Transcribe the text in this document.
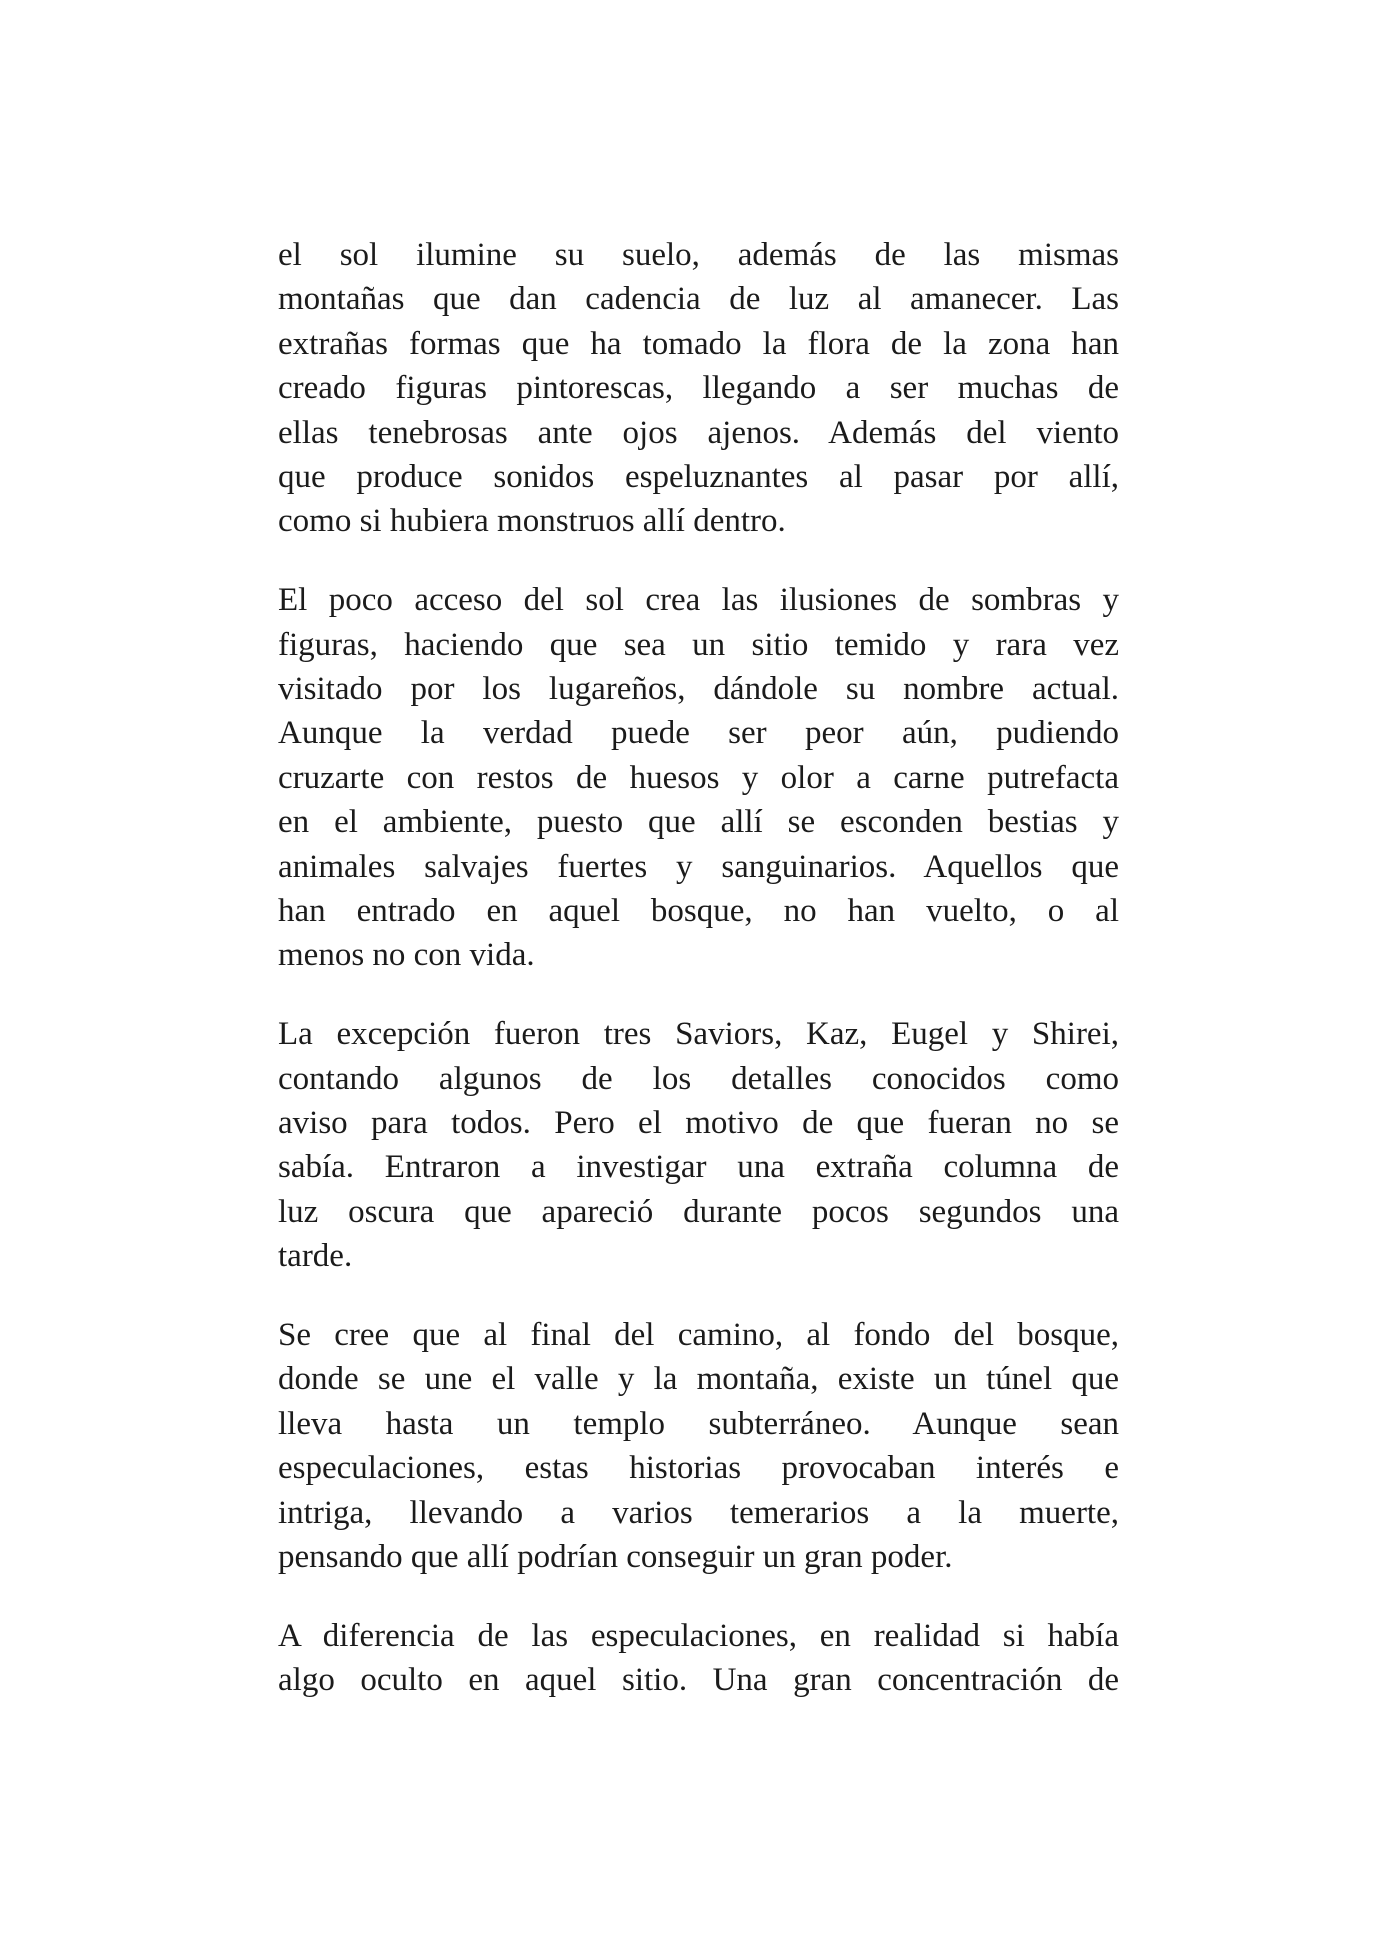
el sol ilumine su suelo, además de las mismas
montañas que dan cadencia de luz al amanecer. Las
extrañas formas que ha tomado la flora de la zona han
creado figuras pintorescas, llegando a ser muchas de
ellas tenebrosas ante ojos ajenos. Además del viento
que produce sonidos espeluznantes al pasar por allí,
como si hubiera monstruos allí dentro.
El poco acceso del sol crea las ilusiones de sombras y
figuras, haciendo que sea un sitio temido y rara vez
visitado por los lugareños, dándole su nombre actual.
Aunque la verdad puede ser peor aún, pudiendo
cruzarte con restos de huesos y olor a carne putrefacta
en el ambiente, puesto que allí se esconden bestias y
animales salvajes fuertes y sanguinarios. Aquellos que
han entrado en aquel bosque, no han vuelto, o al
menos no con vida.
La excepción fueron tres Saviors, Kaz, Eugel y Shirei,
contando algunos de los detalles conocidos como
aviso para todos. Pero el motivo de que fueran no se
sabía. Entraron a investigar una extraña columna de
luz oscura que apareció durante pocos segundos una
tarde.
Se cree que al final del camino, al fondo del bosque,
donde se une el valle y la montaña, existe un túnel que
lleva hasta un templo subterráneo. Aunque sean
especulaciones, estas historias provocaban interés e
intriga, llevando a varios temerarios a la muerte,
pensando que allí podrían conseguir un gran poder.
A diferencia de las especulaciones, en realidad si había
algo oculto en aquel sitio. Una gran concentración de
